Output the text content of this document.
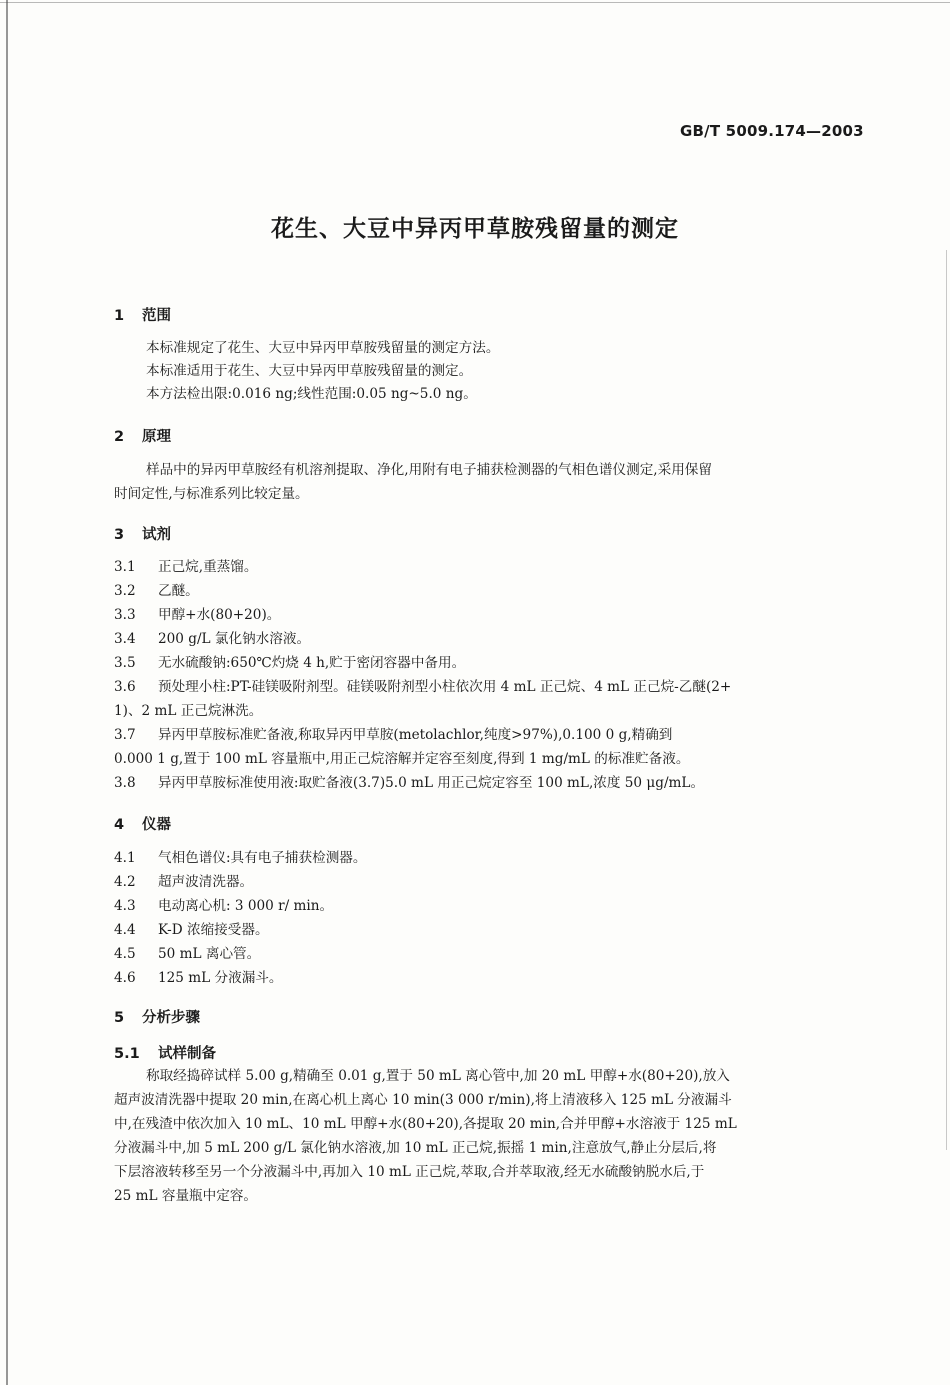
GB/T 5009.174—2003
花生、大豆中异丙甲草胺残留量的测定
1 范围
本标准规定了花生、大豆中异丙甲草胺残留量的测定方法。
本标准适用于花生、大豆中异丙甲草胺残留量的测定。
本方法检出限:0.016 ng;线性范围:0.05 ng~5.0 ng。
2 原理
样品中的异丙甲草胺经有机溶剂提取、净化,用附有电子捕获检测器的气相色谱仪测定,采用保留
时间定性,与标准系列比较定量。
3 试剂
3.1 正己烷,重蒸馏。
3.2 乙醚。
3.3 甲醇+水(80+20)。
3.4 200 g/L 氯化钠水溶液。
3.5 无水硫酸钠:650℃灼烧 4 h,贮于密闭容器中备用。
3.6 预处理小柱:PT-硅镁吸附剂型。硅镁吸附剂型小柱依次用 4 mL 正己烷、4 mL 正己烷-乙醚(2+
1)、2 mL 正己烷淋洗。
3.7 异丙甲草胺标准贮备液,称取异丙甲草胺(metolachlor,纯度>97%),0.100 0 g,精确到
0.000 1 g,置于 100 mL 容量瓶中,用正己烷溶解并定容至刻度,得到 1 mg/mL 的标准贮备液。
3.8 异丙甲草胺标准使用液:取贮备液(3.7)5.0 mL 用正己烷定容至 100 mL,浓度 50 μg/mL。
4 仪器
4.1 气相色谱仪:具有电子捕获检测器。
4.2 超声波清洗器。
4.3 电动离心机: 3 000 r/ min。
4.4 K-D 浓缩接受器。
4.5 50 mL 离心管。
4.6 125 mL 分液漏斗。
5 分析步骤
5.1 试样制备
称取经捣碎试样 5.00 g,精确至 0.01 g,置于 50 mL 离心管中,加 20 mL 甲醇+水(80+20),放入
超声波清洗器中提取 20 min,在离心机上离心 10 min(3 000 r/min),将上清液移入 125 mL 分液漏斗
中,在残渣中依次加入 10 mL、10 mL 甲醇+水(80+20),各提取 20 min,合并甲醇+水溶液于 125 mL
分液漏斗中,加 5 mL 200 g/L 氯化钠水溶液,加 10 mL 正己烷,振摇 1 min,注意放气,静止分层后,将
下层溶液转移至另一个分液漏斗中,再加入 10 mL 正己烷,萃取,合并萃取液,经无水硫酸钠脱水后,于
25 mL 容量瓶中定容。
